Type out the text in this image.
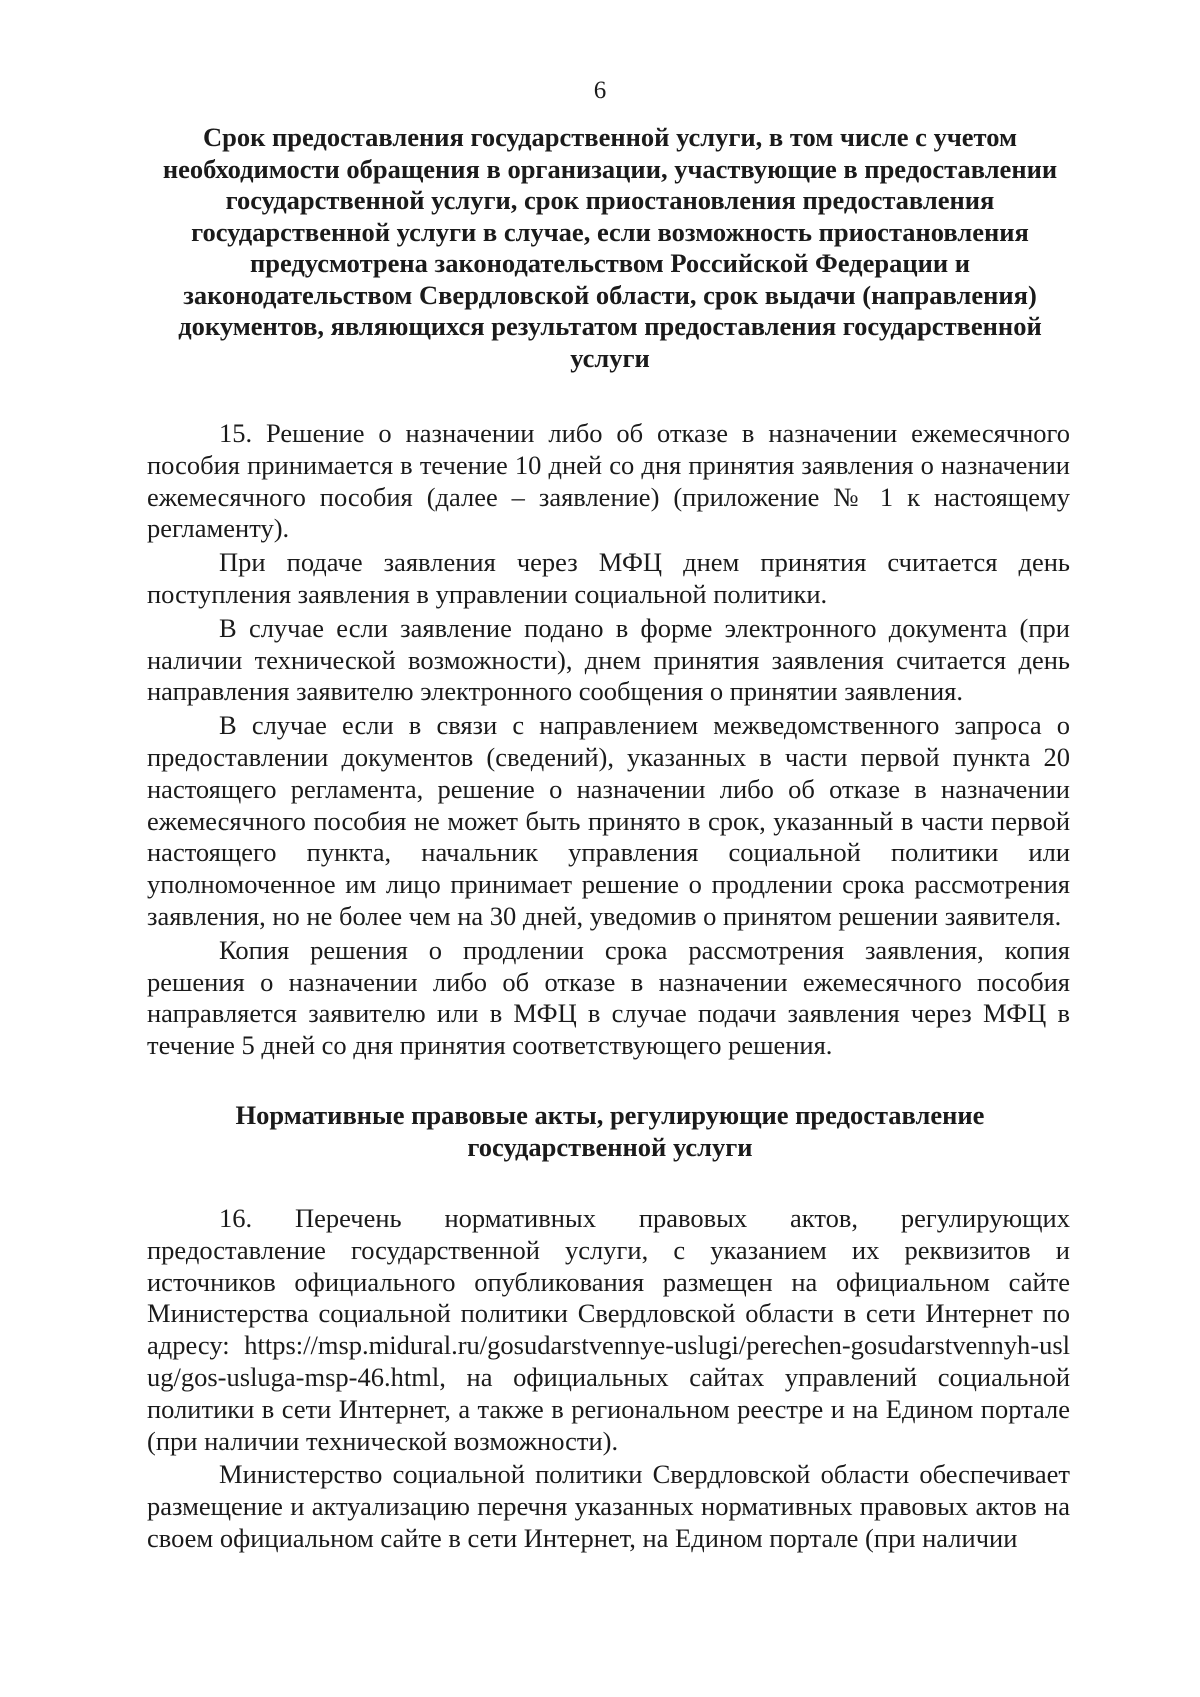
6
Срок предоставления государственной услуги, в том числе с учетом необходимости обращения в организации, участвующие в предоставлении государственной услуги, срок приостановления предоставления государственной услуги в случае, если возможность приостановления предусмотрена законодательством Российской Федерации и законодательством Свердловской области, срок выдачи (направления) документов, являющихся результатом предоставления государственной услуги

15. Решение о назначении либо об отказе в назначении ежемесячного пособия принимается в течение 10 дней со дня принятия заявления о назначении ежемесячного пособия (далее – заявление) (приложение № 1 к настоящему регламенту).

При подаче заявления через МФЦ днем принятия считается день поступления заявления в управлении социальной политики.

В случае если заявление подано в форме электронного документа (при наличии технической возможности), днем принятия заявления считается день направления заявителю электронного сообщения о принятии заявления.

В случае если в связи с направлением межведомственного запроса о предоставлении документов (сведений), указанных в части первой пункта 20 настоящего регламента, решение о назначении либо об отказе в назначении ежемесячного пособия не может быть принято в срок, указанный в части первой настоящего пункта, начальник управления социальной политики или уполномоченное им лицо принимает решение о продлении срока рассмотрения заявления, но не более чем на 30 дней, уведомив о принятом решении заявителя.

Копия решения о продлении срока рассмотрения заявления, копия решения о назначении либо об отказе в назначении ежемесячного пособия направляется заявителю или в МФЦ в случае подачи заявления через МФЦ в течение 5 дней со дня принятия соответствующего решения.

Нормативные правовые акты, регулирующие предоставление государственной услуги

16. Перечень нормативных правовых актов, регулирующих предоставление государственной услуги, с указанием их реквизитов и источников официального опубликования размещен на официальном сайте Министерства социальной политики Свердловской области в сети Интернет по адресу: https://msp.midural.ru/gosudarstvennye-uslugi/perechen-gosudarstvennyh-uslug/gos-usluga-msp-46.html, на официальных сайтах управлений социальной политики в сети Интернет, а также в региональном реестре и на Едином портале (при наличии технической возможности).

Министерство социальной политики Свердловской области обеспечивает размещение и актуализацию перечня указанных нормативных правовых актов на своем официальном сайте в сети Интернет, на Едином портале (при наличии
